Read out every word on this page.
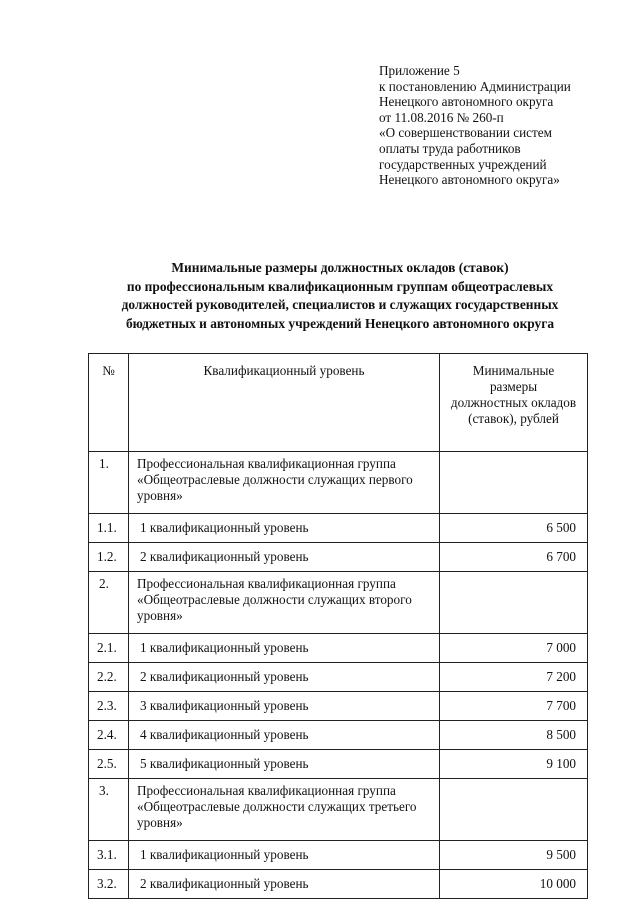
Приложение 5
к постановлению Администрации
Ненецкого автономного округа
от 11.08.2016 № 260-п
«О совершенствовании систем
оплаты труда работников
государственных учреждений
Ненецкого автономного округа»
Минимальные размеры должностных окладов (ставок)
по профессиональным квалификационным группам общеотраслевых
должностей руководителей, специалистов и служащих государственных
бюджетных и автономных учреждений Ненецкого автономного округа
№	Квалификационный уровень	Минимальные размеры должностных окладов (ставок), рублей
1.	Профессиональная квалификационная группа «Общеотраслевые должности служащих первого уровня»	
1.1.	1 квалификационный уровень	6 500
1.2.	2 квалификационный уровень	6 700
2.	Профессиональная квалификационная группа «Общеотраслевые должности служащих второго уровня»	
2.1.	1 квалификационный уровень	7 000
2.2.	2 квалификационный уровень	7 200
2.3.	3 квалификационный уровень	7 700
2.4.	4 квалификационный уровень	8 500
2.5.	5 квалификационный уровень	9 100
3.	Профессиональная квалификационная группа «Общеотраслевые должности служащих третьего уровня»	
3.1.	1 квалификационный уровень	9 500
3.2.	2 квалификационный уровень	10 000
